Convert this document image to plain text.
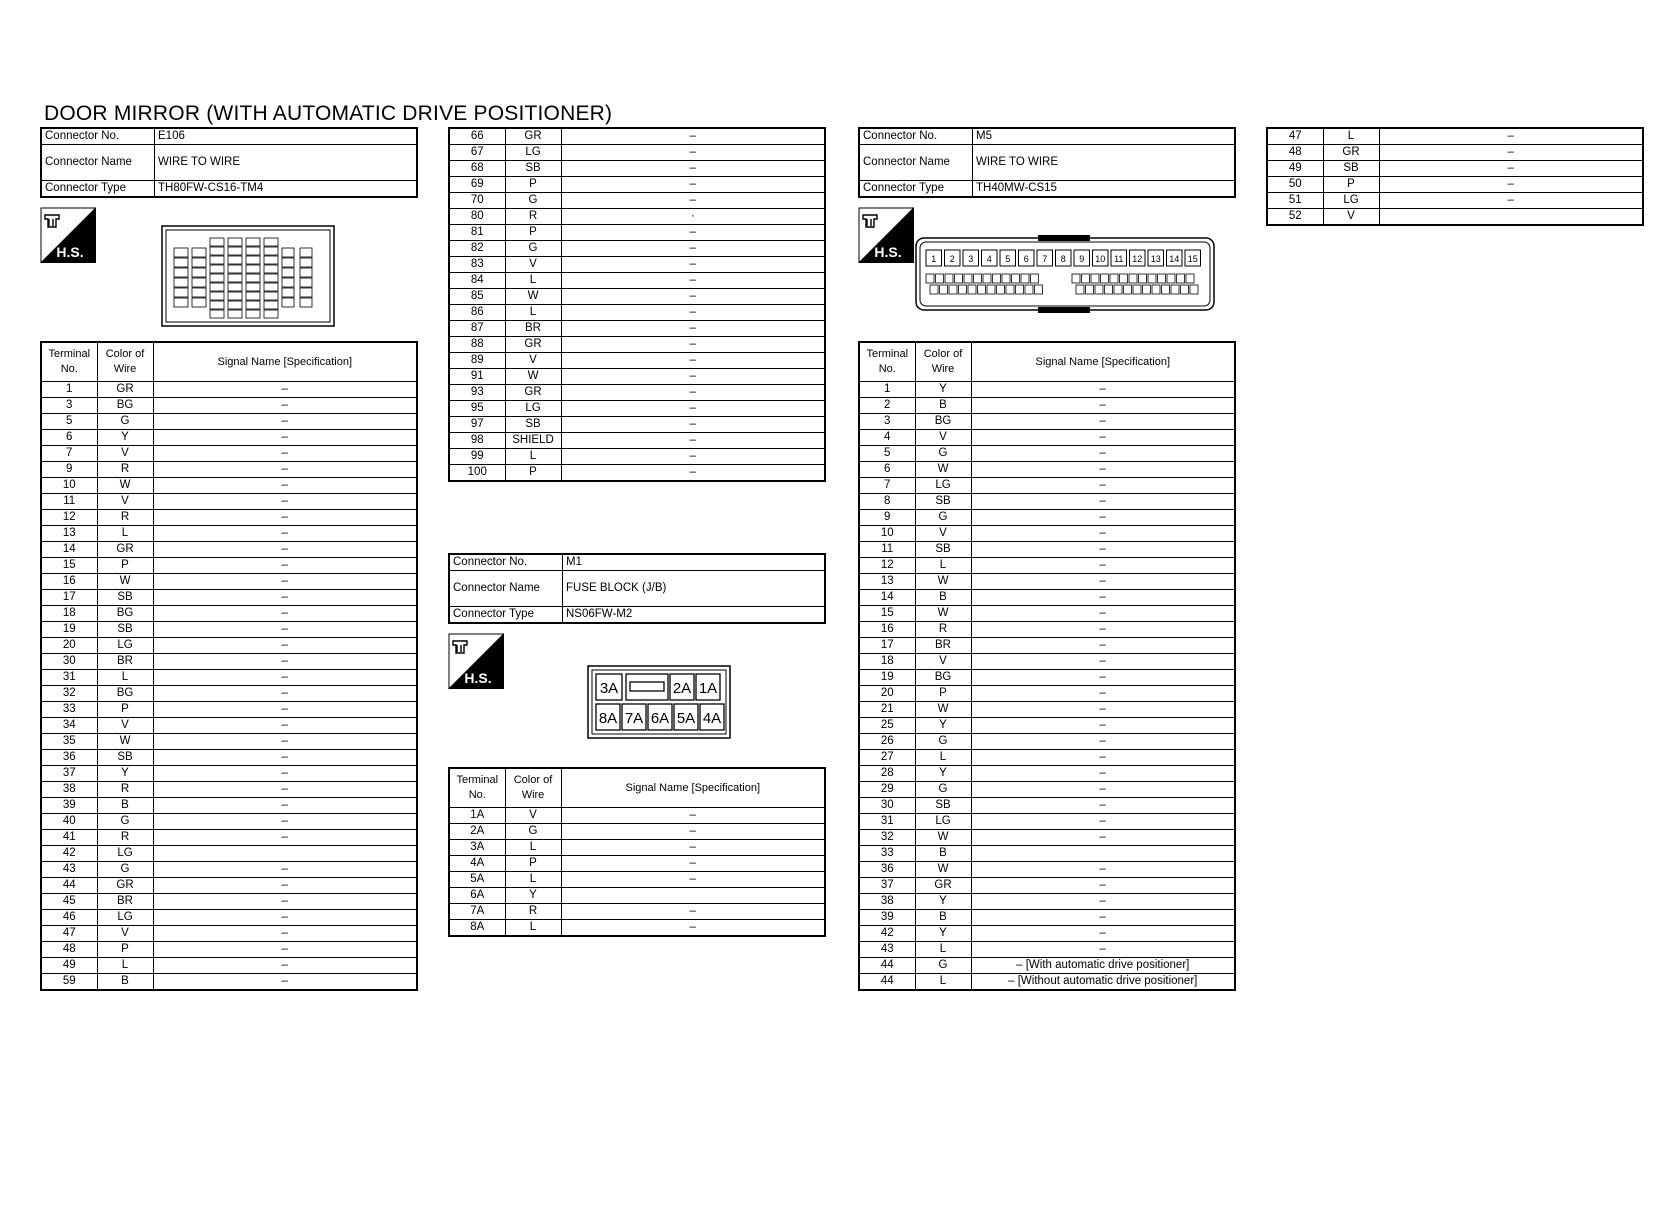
DOOR MIRROR (WITH AUTOMATIC DRIVE POSITIONER)
Connector No.	E106
Connector Name	WIRE TO WIRE
Connector Type	TH80FW-CS16-TM4
H.S.
Terminal No.	Color of Wire	Signal Name [Specification]
1	GR	–
3	BG	–
5	G	–
6	Y	–
7	V	–
9	R	–
10	W	–
11	V	–
12	R	–
13	L	–
14	GR	–
15	P	–
16	W	–
17	SB	–
18	BG	–
19	SB	–
20	LG	–
30	BR	–
31	L	–
32	BG	–
33	P	–
34	V	–
35	W	–
36	SB	–
37	Y	–
38	R	–
39	B	–
40	G	–
41	R	–
42	LG	
43	G	–
44	GR	–
45	BR	–
46	LG	–
47	V	–
48	P	–
49	L	–
59	B	–
66	GR	–
67	LG	–
68	SB	–
69	P	–
70	G	–
80	R	·
81	P	–
82	G	–
83	V	–
84	L	–
85	W	–
86	L	–
87	BR	–
88	GR	–
89	V	–
91	W	–
93	GR	–
95	LG	–
97	SB	–
98	SHIELD	–
99	L	–
100	P	–
Connector No.	M1
Connector Name	FUSE BLOCK (J/B)
Connector Type	NS06FW-M2
H.S.
3A	2A 1A
8A 7A 6A 5A 4A
Terminal No.	Color of Wire	Signal Name [Specification]
1A	V	–
2A	G	–
3A	L	–
4A	P	–
5A	L	–
6A	Y	
7A	R	–
8A	L	–
Connector No.	M5
Connector Name	WIRE TO WIRE
Connector Type	TH40MW-CS15
H.S.	1 2 3 4 5 6 7 8 9 10 11 12 13 14 15
Terminal No.	Color of Wire	Signal Name [Specification]
1	Y	–
2	B	–
3	BG	–
4	V	–
5	G	–
6	W	–
7	LG	–
8	SB	–
9	G	–
10	V	–
11	SB	–
12	L	–
13	W	–
14	B	–
15	W	–
16	R	–
17	BR	–
18	V	–
19	BG	–
20	P	–
21	W	–
25	Y	–
26	G	–
27	L	–
28	Y	–
29	G	–
30	SB	–
31	LG	–
32	W	–
33	B	
36	W	–
37	GR	–
38	Y	–
39	B	–
42	Y	–
43	L	–
44	G	– [With automatic drive positioner]
44	L	– [Without automatic drive positioner]
47	L	–
48	GR	–
49	SB	–
50	P	–
51	LG	–
52	V	
